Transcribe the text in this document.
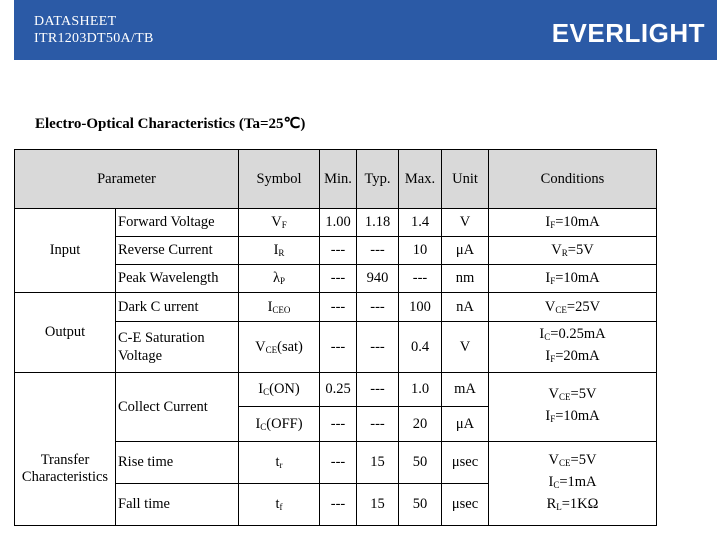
DATASHEET
ITR1203DT50A/TB	EVERLIGHT
Electro-Optical Characteristics (Ta=25℃)
Parameter		Symbol	Min.	Typ.	Max.	Unit	Conditions
Input	Forward Voltage	$V_F$	1.00	1.18	1.4	V	$I_F=10mA$
	Reverse Current	$I_R$	---	---	10	μA	$V_R=5V$
	Peak Wavelength	$\lambda_P$	---	940	---	nm	$I_F=10mA$
Output	Dark C urrent	$I_{CEO}$	---	---	100	nA	$V_{CE}=25V$
	C-E Saturation Voltage	$V_{CE}(sat)$	---	---	0.4	V	$I_C=0.25mA$
$I_F=20mA$
Transfer Characteristics	Collect Current	$I_C(ON)$	0.25	---	1.0	mA	$V_{CE}=5V$
$I_F=10mA$
		$I_C(OFF)$	---	---	20	μA	
	Rise time	$t_r$	---	15	50	μsec	$V_{CE}=5V$
$I_C=1mA$
$R_L=1K\Omega$
	Fall time	$t_f$	---	15	50	μsec	
